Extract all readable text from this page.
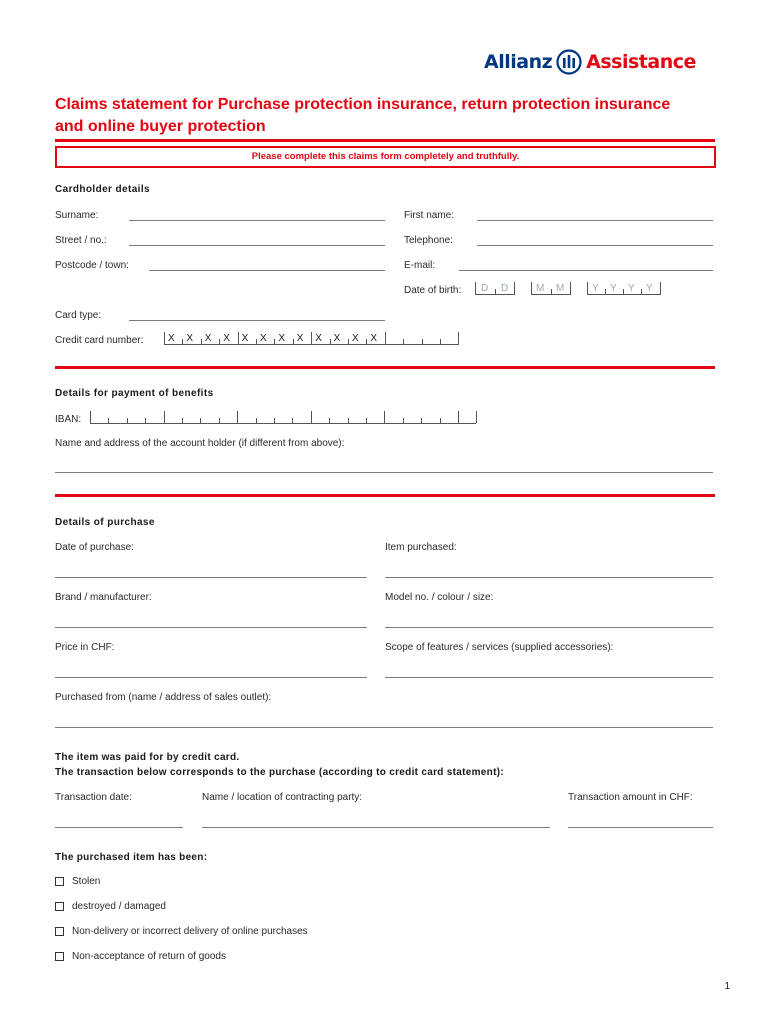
Allianz Assistance
Claims statement for Purchase protection insurance, return protection insurance and online buyer protection
Please complete this claims form completely and truthfully.
Cardholder details
Surname:	First name:
Street / no.:	Telephone:
Postcode / town:	E-mail:
Date of birth: D D	M M	Y Y Y Y
Card type:
Credit card number: X X X X X X X X X X X X
Details for payment of benefits
IBAN:
Name and address of the account holder (if different from above):
Details of purchase
Date of purchase:	Item purchased:
Brand / manufacturer:	Model no. / colour / size:
Price in CHF:	Scope of features / services (supplied accessories):
Purchased from (name / address of sales outlet):
The item was paid for by credit card.
The transaction below corresponds to the purchase (according to credit card statement):
Transaction date:	Name / location of contracting party:	Transaction amount in CHF:
The purchased item has been:
Stolen
destroyed / damaged
Non-delivery or incorrect delivery of online purchases
Non-acceptance of return of goods
1
